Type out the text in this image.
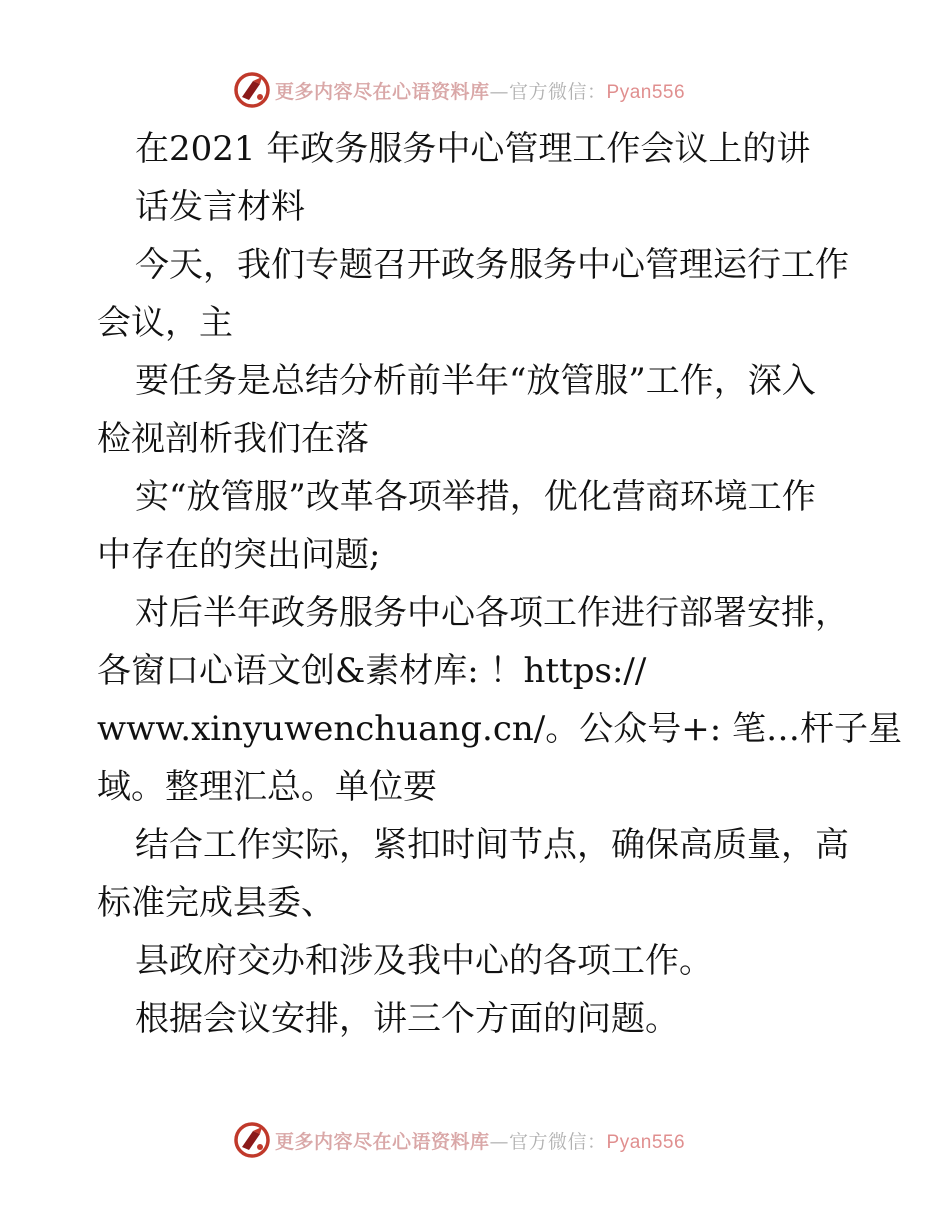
更多内容尽在心语资料库—官方微信：Pyan556
在2021 年政务服务中心管理工作会议上的讲
话发言材料
今天，我们专题召开政务服务中心管理运行工作
会议，主
要任务是总结分析前半年“放管服”工作，深入
检视剖析我们在落
实“放管服”改革各项举措，优化营商环境工作
中存在的突出问题;
对后半年政务服务中心各项工作进行部署安排，
各窗口心语文创&素材库: ！https://
www.xinyuwenchuang.cn/。公众号+: 笔…杆子星
域。整理汇总。单位要
结合工作实际，紧扣时间节点，确保高质量，高
标准完成县委、
县政府交办和涉及我中心的各项工作。
根据会议安排，讲三个方面的问题。
更多内容尽在心语资料库—官方微信：Pyan556
